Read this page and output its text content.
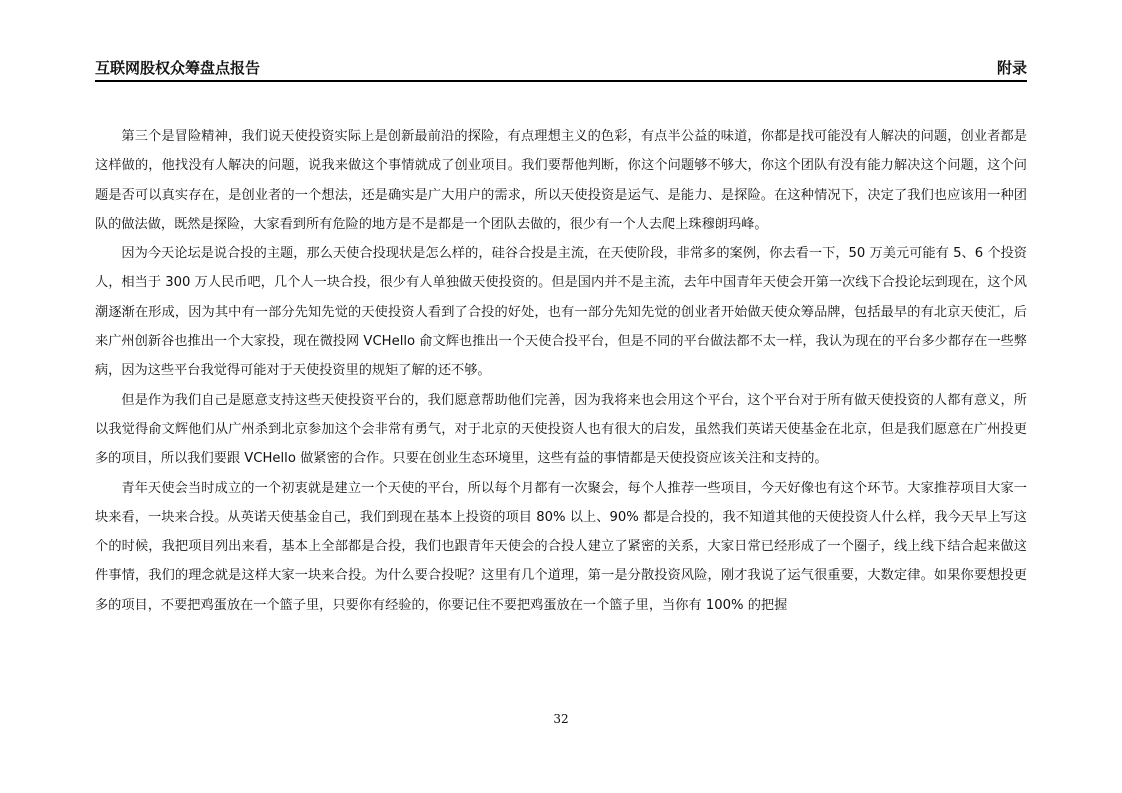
互联网股权众筹盘点报告	附录

第三个是冒险精神，我们说天使投资实际上是创新最前沿的探险，有点理想主义的色彩，有点半公益的味道，你都是找可能没有人解决的问题，创业者都是这样做的，他找没有人解决的问题，说我来做这个事情就成了创业项目。我们要帮他判断，你这个问题够不够大，你这个团队有没有能力解决这个问题，这个问题是否可以真实存在，是创业者的一个想法，还是确实是广大用户的需求，所以天使投资是运气、是能力、是探险。在这种情况下，决定了我们也应该用一种团队的做法做，既然是探险，大家看到所有危险的地方是不是都是一个团队去做的，很少有一个人去爬上珠穆朗玛峰。

因为今天论坛是说合投的主题，那么天使合投现状是怎么样的，硅谷合投是主流，在天使阶段，非常多的案例，你去看一下，50 万美元可能有 5、6 个投资人，相当于 300 万人民币吧，几个人一块合投，很少有人单独做天使投资的。但是国内并不是主流，去年中国青年天使会开第一次线下合投论坛到现在，这个风潮逐渐在形成，因为其中有一部分先知先觉的天使投资人看到了合投的好处，也有一部分先知先觉的创业者开始做天使众筹品牌，包括最早的有北京天使汇，后来广州创新谷也推出一个大家投，现在微投网 VCHello 俞文辉也推出一个天使合投平台，但是不同的平台做法都不太一样，我认为现在的平台多少都存在一些弊病，因为这些平台我觉得可能对于天使投资里的规矩了解的还不够。

但是作为我们自己是愿意支持这些天使投资平台的，我们愿意帮助他们完善，因为我将来也会用这个平台，这个平台对于所有做天使投资的人都有意义，所以我觉得俞文辉他们从广州杀到北京参加这个会非常有勇气，对于北京的天使投资人也有很大的启发，虽然我们英诺天使基金在北京，但是我们愿意在广州投更多的项目，所以我们要跟 VCHello 做紧密的合作。只要在创业生态环境里，这些有益的事情都是天使投资应该关注和支持的。

青年天使会当时成立的一个初衷就是建立一个天使的平台，所以每个月都有一次聚会，每个人推荐一些项目，今天好像也有这个环节。大家推荐项目大家一块来看，一块来合投。从英诺天使基金自己，我们到现在基本上投资的项目 80% 以上、90% 都是合投的，我不知道其他的天使投资人什么样，我今天早上写这个的时候，我把项目列出来看，基本上全部都是合投，我们也跟青年天使会的合投人建立了紧密的关系，大家日常已经形成了一个圈子，线上线下结合起来做这件事情，我们的理念就是这样大家一块来合投。为什么要合投呢？这里有几个道理，第一是分散投资风险，刚才我说了运气很重要，大数定律。如果你要想投更多的项目，不要把鸡蛋放在一个篮子里，只要你有经验的，你要记住不要把鸡蛋放在一个篮子里，当你有 100% 的把握

32
